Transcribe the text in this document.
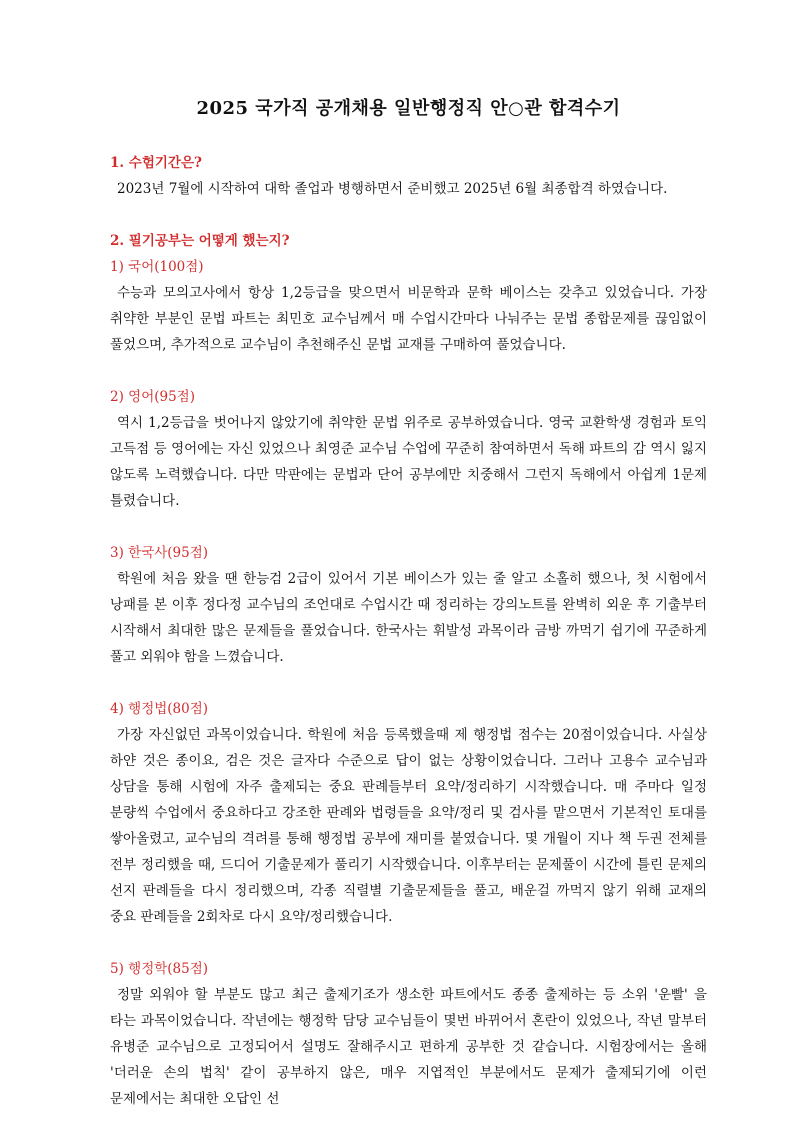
2025 국가직 공개채용 일반행정직 안○관 합격수기

1. 수험기간은?

2023년 7월에 시작하여 대학 졸업과 병행하면서 준비했고 2025년 6월 최종합격 하였습니다.

2. 필기공부는 어떻게 했는지?

1) 국어(100점)

수능과 모의고사에서 항상 1,2등급을 맞으면서 비문학과 문학 베이스는 갖추고 있었습니다. 가장 취약한 부분인 문법 파트는 최민호 교수님께서 매 수업시간마다 나눠주는 문법 종합문제를 끊임없이 풀었으며, 추가적으로 교수님이 추천해주신 문법 교재를 구매하여 풀었습니다.

2) 영어(95점)

역시 1,2등급을 벗어나지 않았기에 취약한 문법 위주로 공부하였습니다. 영국 교환학생 경험과 토익 고득점 등 영어에는 자신 있었으나 최영준 교수님 수업에 꾸준히 참여하면서 독해 파트의 감 역시 잃지 않도록 노력했습니다. 다만 막판에는 문법과 단어 공부에만 치중해서 그런지 독해에서 아쉽게 1문제 틀렸습니다.

3) 한국사(95점)

학원에 처음 왔을 땐 한능검 2급이 있어서 기본 베이스가 있는 줄 알고 소홀히 했으나, 첫 시험에서 낭패를 본 이후 정다정 교수님의 조언대로 수업시간 때 정리하는 강의노트를 완벽히 외운 후 기출부터 시작해서 최대한 많은 문제들을 풀었습니다. 한국사는 휘발성 과목이라 금방 까먹기 쉽기에 꾸준하게 풀고 외워야 함을 느꼈습니다.

4) 행정법(80점)

가장 자신없던 과목이었습니다. 학원에 처음 등록했을때 제 행정법 점수는 20점이었습니다. 사실상 하얀 것은 종이요, 검은 것은 글자다 수준으로 답이 없는 상황이었습니다. 그러나 고용수 교수님과 상담을 통해 시험에 자주 출제되는 중요 판례들부터 요약/정리하기 시작했습니다. 매 주마다 일정 분량씩 수업에서 중요하다고 강조한 판례와 법령들을 요약/정리 및 검사를 맡으면서 기본적인 토대를 쌓아올렸고, 교수님의 격려를 통해 행정법 공부에 재미를 붙였습니다. 몇 개월이 지나 책 두권 전체를 전부 정리했을 때, 드디어 기출문제가 풀리기 시작했습니다. 이후부터는 문제풀이 시간에 틀린 문제의 선지 판례들을 다시 정리했으며, 각종 직렬별 기출문제들을 풀고, 배운걸 까먹지 않기 위해 교재의 중요 판례들을 2회차로 다시 요약/정리했습니다.

5) 행정학(85점)

정말 외워야 할 부분도 많고 최근 출제기조가 생소한 파트에서도 종종 출제하는 등 소위 '운빨' 을 타는 과목이었습니다. 작년에는 행정학 담당 교수님들이 몇번 바뀌어서 혼란이 있었으나, 작년 말부터 유병준 교수님으로 고정되어서 설명도 잘해주시고 편하게 공부한 것 같습니다. 시험장에서는 올해 '더러운 손의 법칙' 같이 공부하지 않은, 매우 지엽적인 부분에서도 문제가 출제되기에 이런 문제에서는 최대한 오답인 선
